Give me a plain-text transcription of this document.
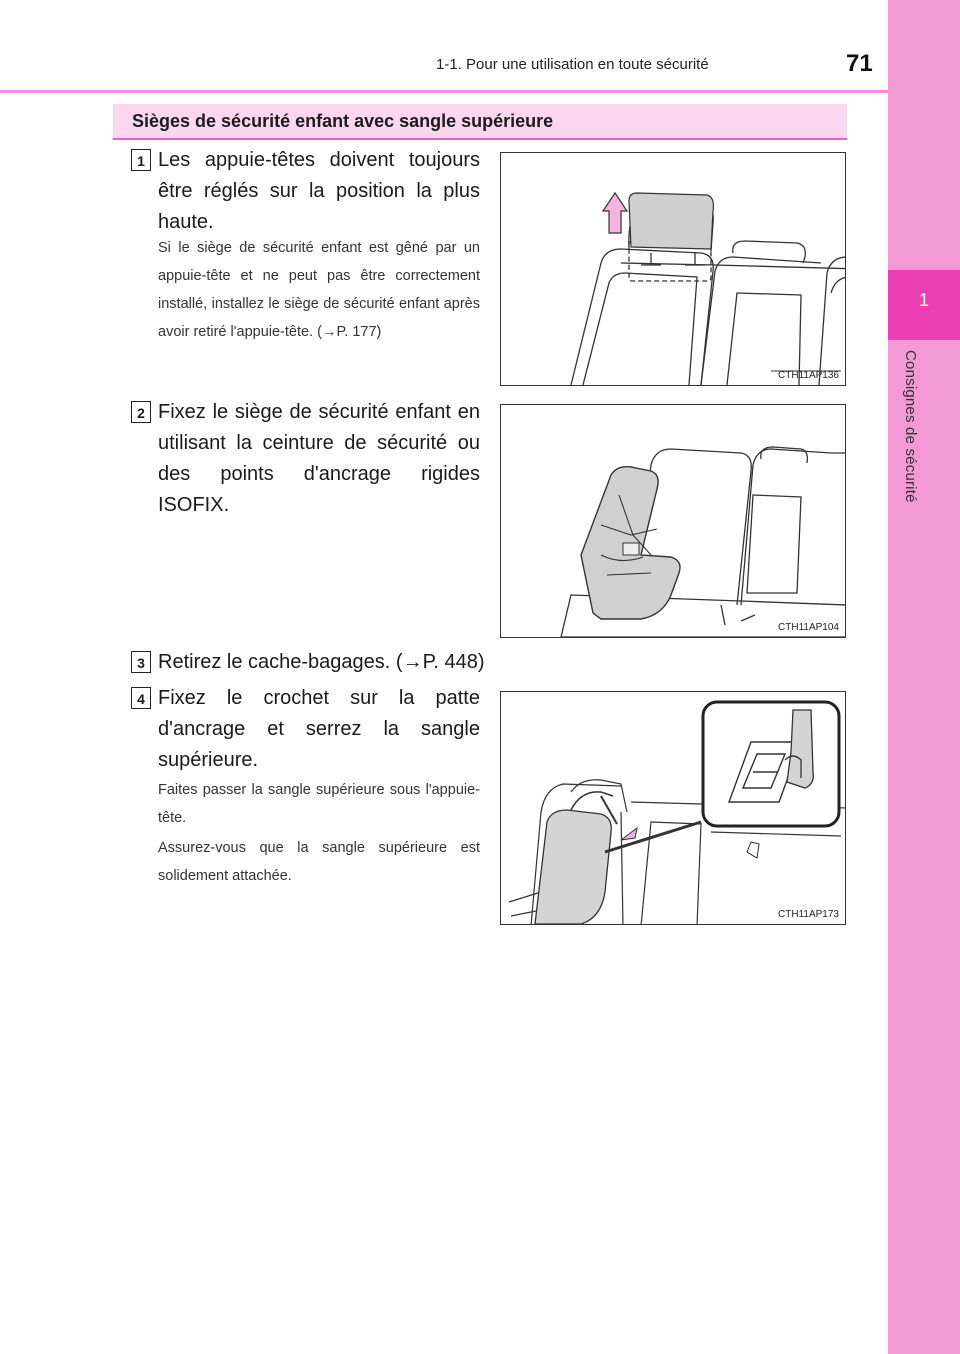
1
Consignes de sécurité
1-1. Pour une utilisation en toute sécurité	71
Sièges de sécurité enfant avec sangle supérieure
1 Les appuie-têtes doivent toujours être réglés sur la position la plus haute.
Si le siège de sécurité enfant est gêné par un appuie-tête et ne peut pas être correctement installé, installez le siège de sécurité enfant après avoir retiré l'appuie-tête. (→P. 177)
CTH11AP136
2 Fixez le siège de sécurité enfant en utilisant la ceinture de sécurité ou des points d'ancrage rigides ISOFIX.
CTH11AP104
3 Retirez le cache-bagages. (→P. 448)
4 Fixez le crochet sur la patte d'ancrage et serrez la sangle supérieure.
Faites passer la sangle supérieure sous l'appuie-tête.
Assurez-vous que la sangle supérieure est solidement attachée.
CTH11AP173
